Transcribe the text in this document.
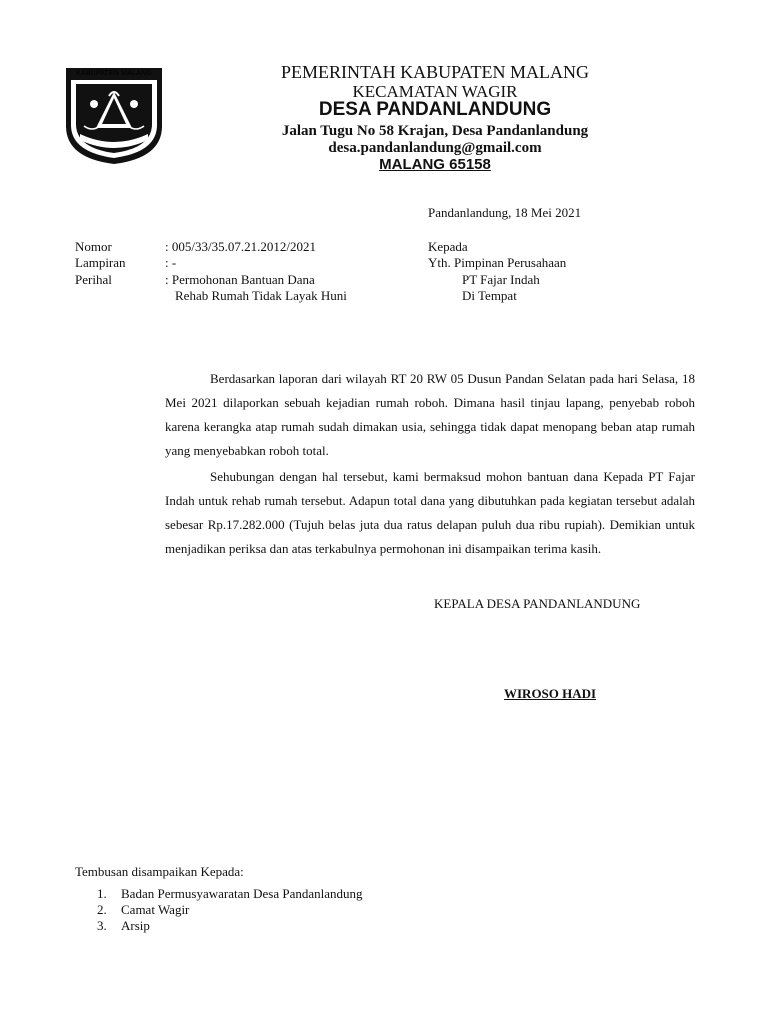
KABUPATEN MALANG	PEMERINTAH KABUPATEN MALANG
KECAMATAN WAGIR
DESA PANDANLANDUNG
Jalan Tugu No 58 Krajan, Desa Pandanlandung
desa.pandanlandung@gmail.com
MALANG 65158
Pandanlandung, 18 Mei 2021
Nomor	: 005/33/35.07.21.2012/2021
Lampiran	: -
Perihal	: Permohonan Bantuan Dana
Rehab Rumah Tidak Layak Huni
Kepada
Yth. Pimpinan Perusahaan
PT Fajar Indah
Di Tempat

Berdasarkan laporan dari wilayah RT 20 RW 05 Dusun Pandan Selatan pada hari Selasa, 18 Mei 2021 dilaporkan sebuah kejadian rumah roboh. Dimana hasil tinjau lapang, penyebab roboh karena kerangka atap rumah sudah dimakan usia, sehingga tidak dapat menopang beban atap rumah yang menyebabkan roboh total.

Sehubungan dengan hal tersebut, kami bermaksud mohon bantuan dana Kepada PT Fajar Indah untuk rehab rumah tersebut. Adapun total dana yang dibutuhkan pada kegiatan tersebut adalah sebesar Rp.17.282.000 (Tujuh belas juta dua ratus delapan puluh dua ribu rupiah). Demikian untuk menjadikan periksa dan atas terkabulnya permohonan ini disampaikan terima kasih.

KEPALA DESA PANDANLANDUNG
WIROSO HADI
Tembusan disampaikan Kepada:
1. Badan Permusyawaratan Desa Pandanlandung
2. Camat Wagir
3. Arsip
